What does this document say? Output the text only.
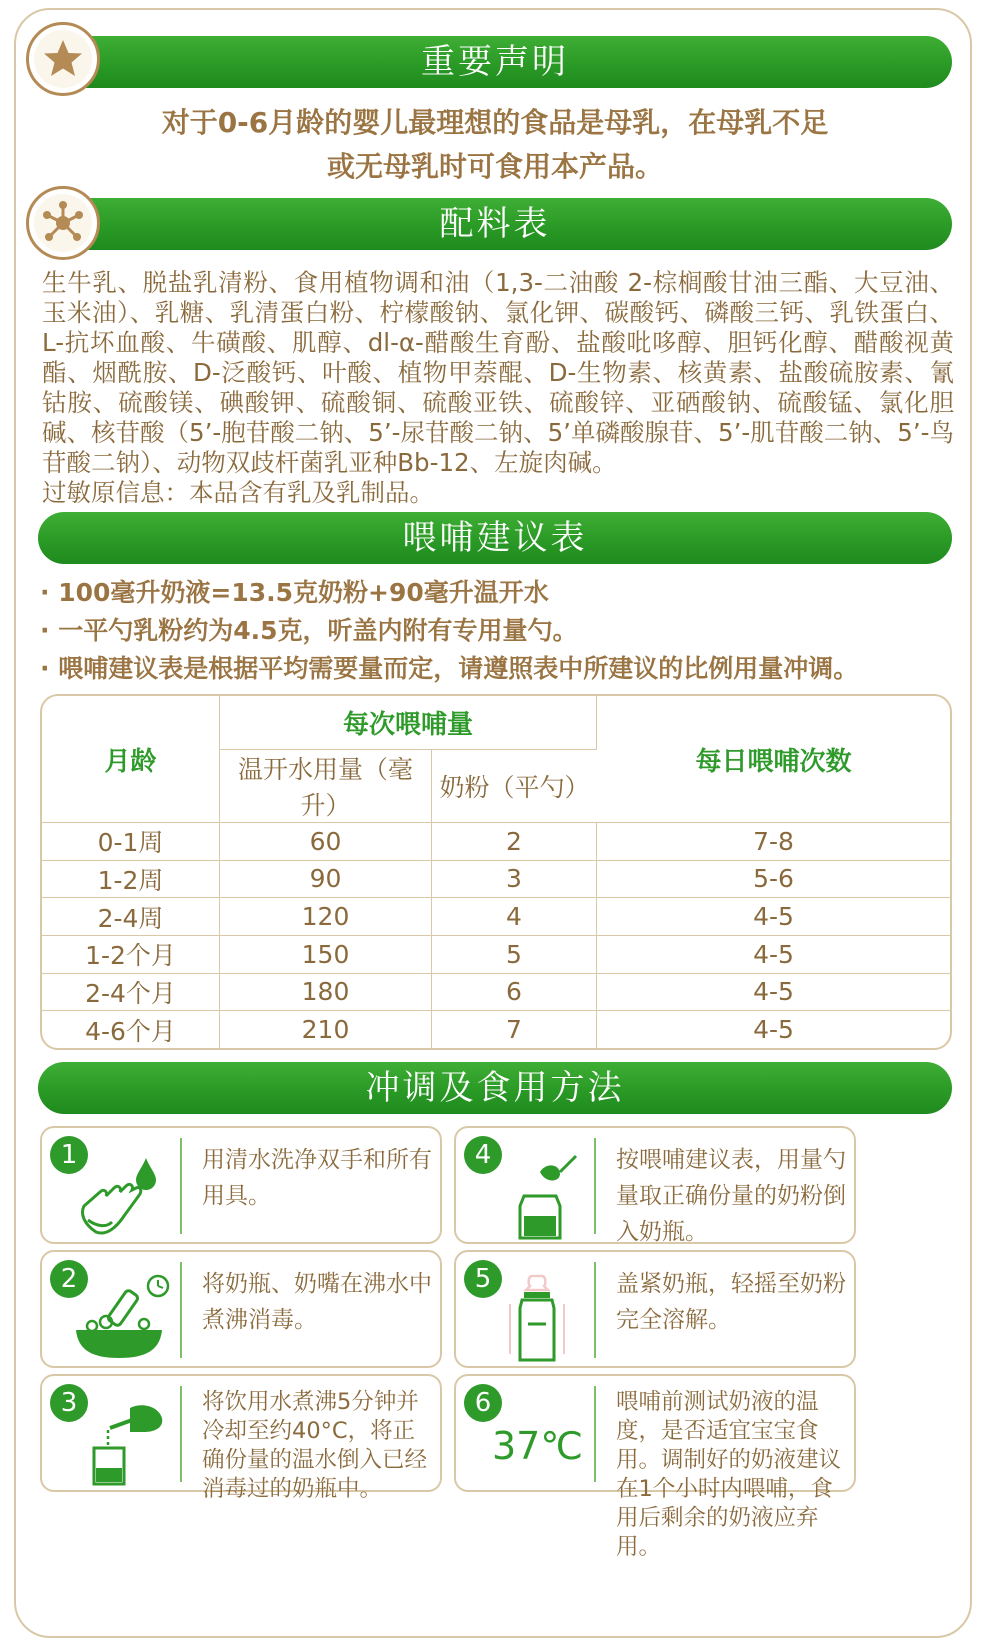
重要声明
对于0-6月龄的婴儿最理想的食品是母乳，在母乳不足
或无母乳时可食用本产品。
配料表
生牛乳、脱盐乳清粉、食用植物调和油（1,3-二油酸 2-棕榈酸甘油三酯、大豆油、玉米油）、乳糖、乳清蛋白粉、柠檬酸钠、氯化钾、碳酸钙、磷酸三钙、乳铁蛋白、L-抗坏血酸、牛磺酸、肌醇、dl-α-醋酸生育酚、盐酸吡哆醇、胆钙化醇、醋酸视黄酯、烟酰胺、D-泛酸钙、叶酸、植物甲萘醌、D-生物素、核黄素、盐酸硫胺素、氰钴胺、硫酸镁、碘酸钾、硫酸铜、硫酸亚铁、硫酸锌、亚硒酸钠、硫酸锰、氯化胆碱、核苷酸（5’-胞苷酸二钠、5’-尿苷酸二钠、5’单磷酸腺苷、5’-肌苷酸二钠、5’-鸟苷酸二钠）、动物双歧杆菌乳亚种Bb-12、左旋肉碱。
过敏原信息：本品含有乳及乳制品。
喂哺建议表
· 100毫升奶液=13.5克奶粉+90毫升温开水
· 一平勺乳粉约为4.5克，听盖内附有专用量勺。
· 喂哺建议表是根据平均需要量而定，请遵照表中所建议的比例用量冲调。
月龄	每次喂哺量		每日喂哺次数
	温开水用量（毫升）	奶粉（平勺）	
0-1周	60	2	7-8
1-2周	90	3	5-6
2-4周	120	4	4-5
1-2个月	150	5	4-5
2-4个月	180	6	4-5
4-6个月	210	7	4-5
冲调及食用方法
1	用清水洗净双手和所有用具。
2	将奶瓶、奶嘴在沸水中煮沸消毒。
3	将饮用水煮沸5分钟并冷却至约40°C，将正确份量的温水倒入已经消毒过的奶瓶中。
4	按喂哺建议表，用量勺量取正确份量的奶粉倒入奶瓶。
5	盖紧奶瓶，轻摇至奶粉完全溶解。
6
37℃
喂哺前测试奶液的温度，是否适宜宝宝食用。调制好的奶液建议在1个小时内喂哺，食用后剩余的奶液应弃用。
